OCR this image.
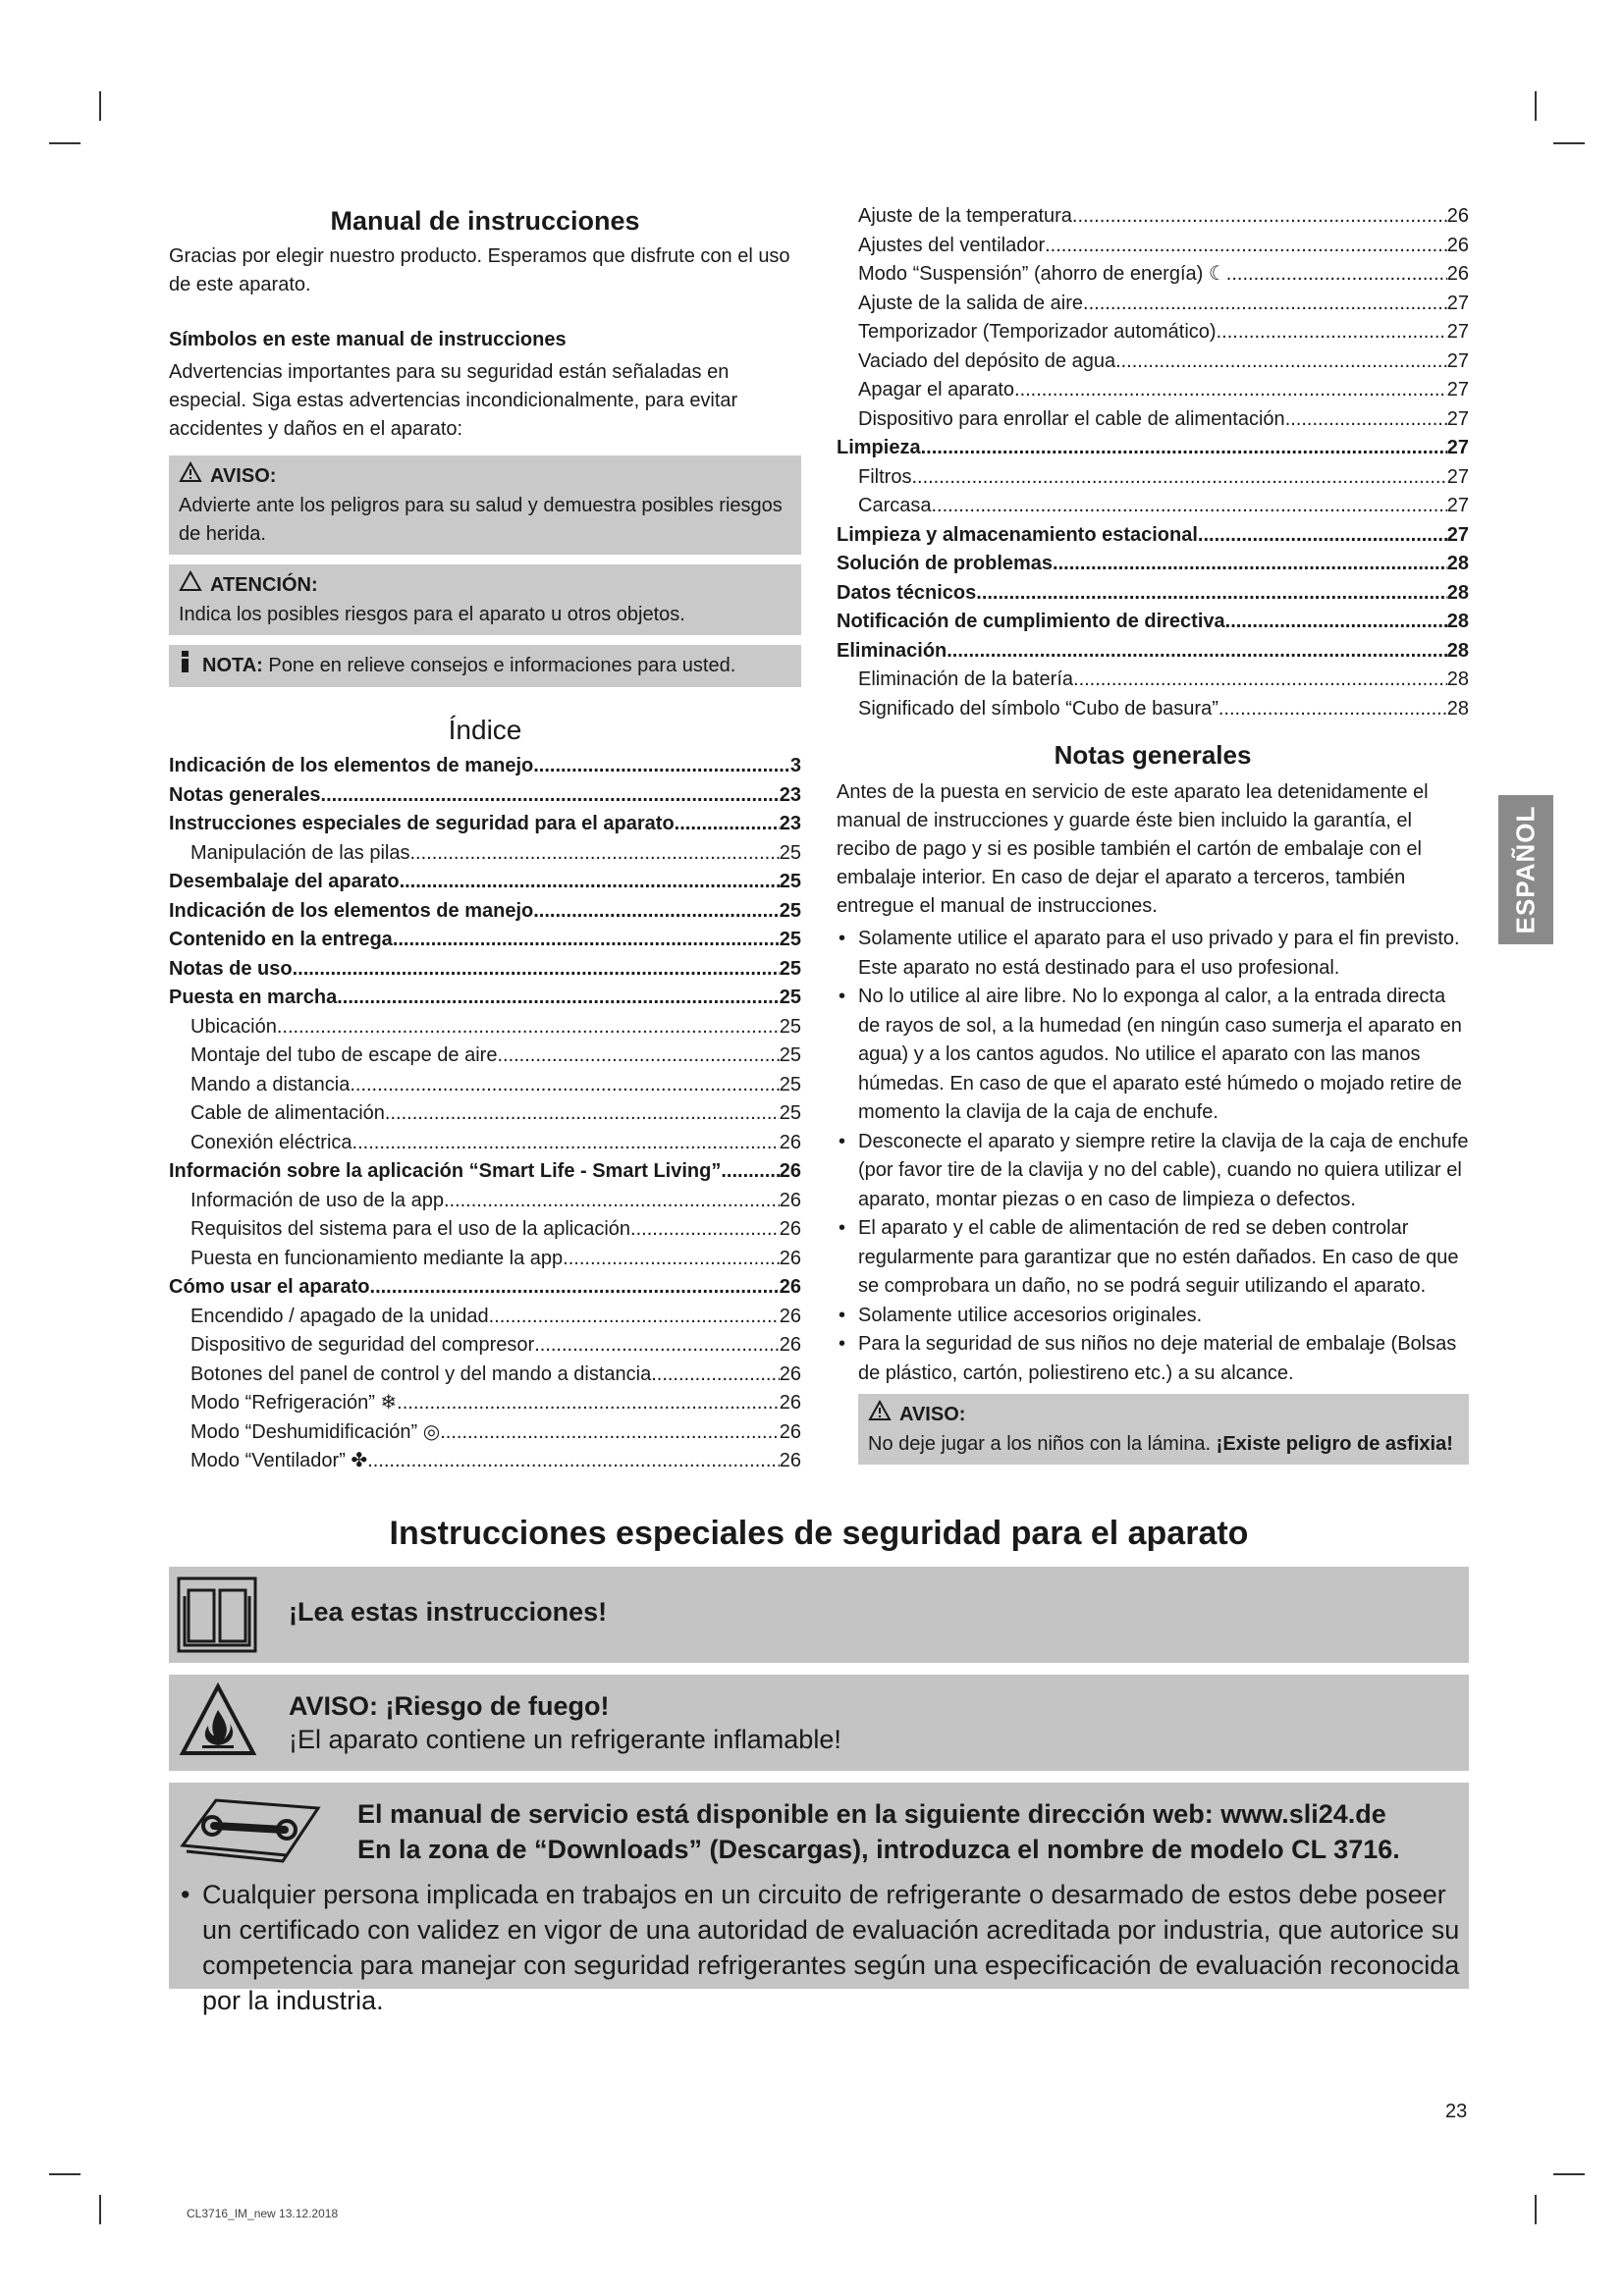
Manual de instrucciones
Gracias por elegir nuestro producto. Esperamos que disfrute con el uso de este aparato.
Símbolos en este manual de instrucciones
Advertencias importantes para su seguridad están señaladas en especial. Siga estas advertencias incondicionalmente, para evitar accidentes y daños en el aparato:
AVISO:
Advierte ante los peligros para su salud y demuestra posibles riesgos de herida.
ATENCIÓN:
Indica los posibles riesgos para el aparato u otros objetos.
NOTA: Pone en relieve consejos e informaciones para usted.
Índice
Indicación de los elementos de manejo .....	3
Notas generales .....	23
Instrucciones especiales de seguridad para el aparato .....	23
Manipulación de las pilas .....	25
Desembalaje del aparato .....	25
Indicación de los elementos de manejo .....	25
Contenido en la entrega .....	25
Notas de uso .....	25
Puesta en marcha .....	25
Ubicación .....	25
Montaje del tubo de escape de aire .....	25
Mando a distancia .....	25
Cable de alimentación .....	25
Conexión eléctrica .....	26
Información sobre la aplicación “Smart Life - Smart Living” .....	26
Información de uso de la app .....	26
Requisitos del sistema para el uso de la aplicación .....	26
Puesta en funcionamiento mediante la app .....	26
Cómo usar el aparato .....	26
Encendido / apagado de la unidad .....	26
Dispositivo de seguridad del compresor .....	26
Botones del panel de control y del mando a distancia .....	26
Modo “Refrigeración” ❄ .....	26
Modo “Deshumidificación” ◎ .....	26
Modo “Ventilador” ✤ .....	26
Ajuste de la temperatura .....	26
Ajustes del ventilador .....	26
Modo “Suspensión” (ahorro de energía) ☾ .....	26
Ajuste de la salida de aire .....	27
Temporizador (Temporizador automático) .....	27
Vaciado del depósito de agua .....	27
Apagar el aparato .....	27
Dispositivo para enrollar el cable de alimentación .....	27
Limpieza .....	27
Filtros .....	27
Carcasa .....	27
Limpieza y almacenamiento estacional .....	27
Solución de problemas .....	28
Datos técnicos .....	28
Notificación de cumplimiento de directiva .....	28
Eliminación .....	28
Eliminación de la batería .....	28
Significado del símbolo “Cubo de basura” .....	28
Notas generales
Antes de la puesta en servicio de este aparato lea detenidamente el manual de instrucciones y guarde éste bien incluido la garantía, el recibo de pago y si es posible también el cartón de embalaje con el embalaje interior. En caso de dejar el aparato a terceros, también entregue el manual de instrucciones.
• Solamente utilice el aparato para el uso privado y para el fin previsto. Este aparato no está destinado para el uso profesional.
• No lo utilice al aire libre. No lo exponga al calor, a la entrada directa de rayos de sol, a la humedad (en ningún caso sumerja el aparato en agua) y a los cantos agudos. No utilice el aparato con las manos húmedas. En caso de que el aparato esté húmedo o mojado retire de momento la clavija de la caja de enchufe.
• Desconecte el aparato y siempre retire la clavija de la caja de enchufe (por favor tire de la clavija y no del cable), cuando no quiera utilizar el aparato, montar piezas o en caso de limpieza o defectos.
• El aparato y el cable de alimentación de red se deben controlar regularmente para garantizar que no estén dañados. En caso de que se comprobara un daño, no se podrá seguir utilizando el aparato.
• Solamente utilice accesorios originales.
• Para la seguridad de sus niños no deje material de embalaje (Bolsas de plástico, cartón, poliestireno etc.) a su alcance.
AVISO:
No deje jugar a los niños con la lámina. ¡Existe peligro de asfixia!
ESPAÑOL
Instrucciones especiales de seguridad para el aparato
¡Lea estas instrucciones!
AVISO: ¡Riesgo de fuego!
¡El aparato contiene un refrigerante inflamable!
El manual de servicio está disponible en la siguiente dirección web: www.sli24.de
En la zona de “Downloads” (Descargas), introduzca el nombre de modelo CL 3716.
• Cualquier persona implicada en trabajos en un circuito de refrigerante o desarmado de estos debe poseer un certificado con validez en vigor de una autoridad de evaluación acreditada por industria, que autorice su competencia para manejar con seguridad refrigerantes según una especificación de evaluación reconocida por la industria.
23
CL3716_IM_new 13.12.2018
